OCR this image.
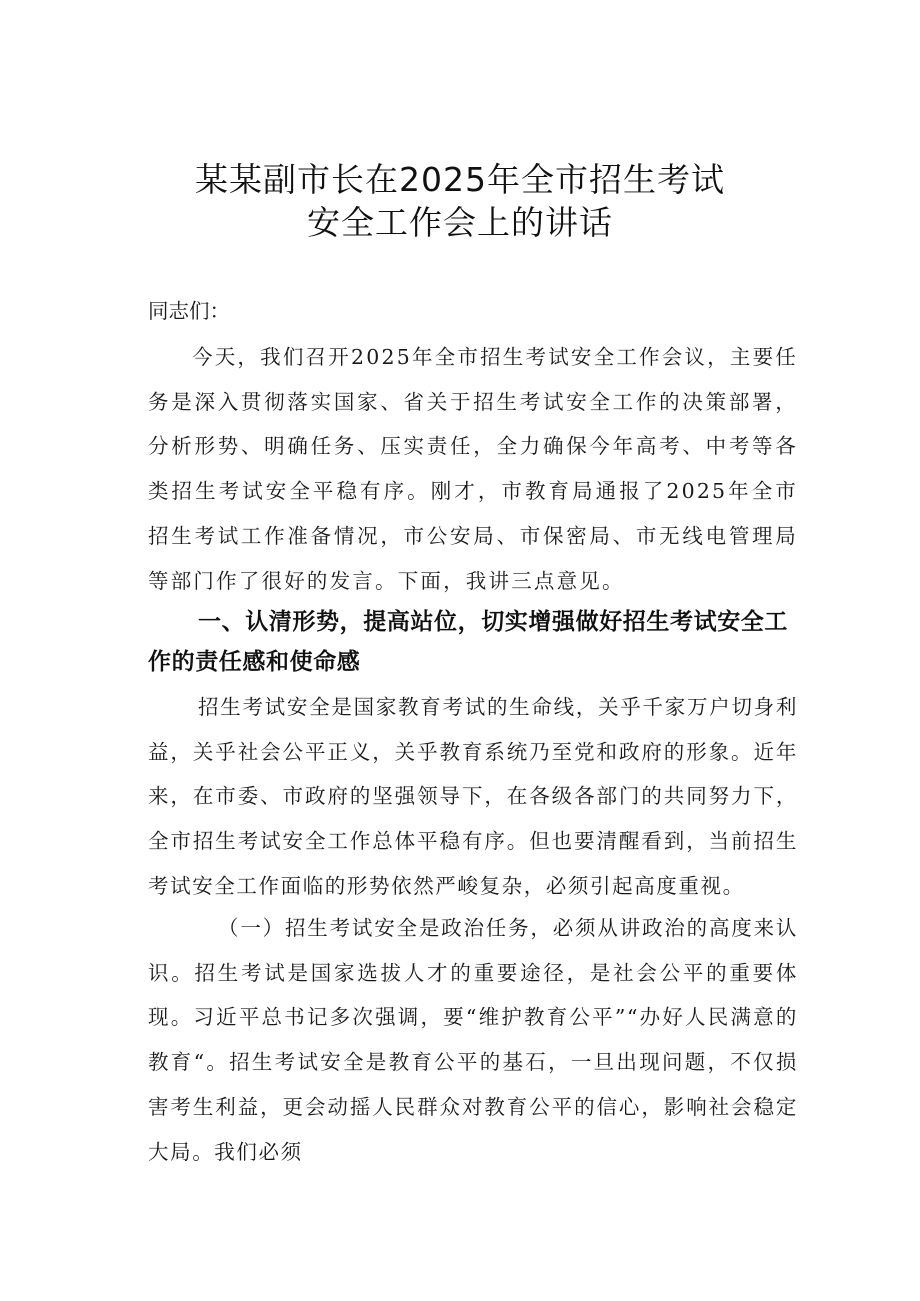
某某副市长在2025年全市招生考试
安全工作会上的讲话

同志们：

今天，我们召开2025年全市招生考试安全工作会议，主要任务是深入贯彻落实国家、省关于招生考试安全工作的决策部署，分析形势、明确任务、压实责任，全力确保今年高考、中考等各类招生考试安全平稳有序。刚才，市教育局通报了2025年全市招生考试工作准备情况，市公安局、市保密局、市无线电管理局等部门作了很好的发言。下面，我讲三点意见。

一、认清形势，提高站位，切实增强做好招生考试安全工作的责任感和使命感

招生考试安全是国家教育考试的生命线，关乎千家万户切身利益，关乎社会公平正义，关乎教育系统乃至党和政府的形象。近年来，在市委、市政府的坚强领导下，在各级各部门的共同努力下，全市招生考试安全工作总体平稳有序。但也要清醒看到，当前招生考试安全工作面临的形势依然严峻复杂，必须引起高度重视。

（一）招生考试安全是政治任务，必须从讲政治的高度来认识。招生考试是国家选拔人才的重要途径，是社会公平的重要体现。习近平总书记多次强调，要“维护教育公平”“办好人民满意的教育“。招生考试安全是教育公平的基石，一旦出现问题，不仅损害考生利益，更会动摇人民群众对教育公平的信心，影响社会稳定大局。我们必须
